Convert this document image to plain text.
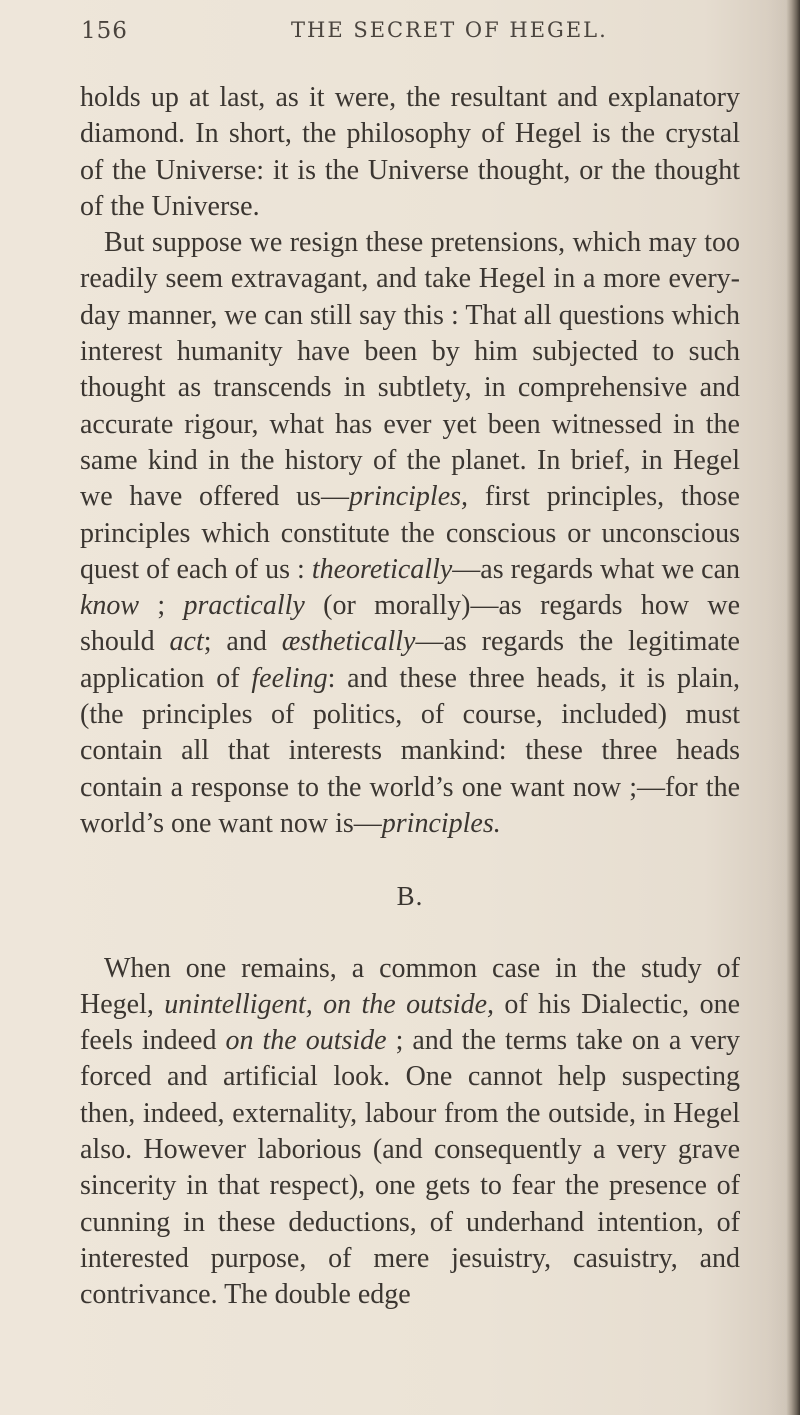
156	THE SECRET OF HEGEL.

holds up at last, as it were, the resultant and explanatory diamond. In short, the philosophy of Hegel is the crystal of the Universe: it is the Universe thought, or the thought of the Universe.

But suppose we resign these pretensions, which may too readily seem extravagant, and take Hegel in a more every-day manner, we can still say this : That all questions which interest humanity have been by him subjected to such thought as transcends in subtlety, in comprehensive and accurate rigour, what has ever yet been witnessed in the same kind in the history of the planet. In brief, in Hegel we have offered us—principles, first principles, those principles which constitute the conscious or unconscious quest of each of us : theoretically—as regards what we can know ; practically (or morally)—as regards how we should act; and æsthetically—as regards the legitimate application of feeling: and these three heads, it is plain, (the principles of politics, of course, included) must contain all that interests mankind: these three heads contain a response to the world’s one want now ;—for the world’s one want now is—principles.

B.

When one remains, a common case in the study of Hegel, unintelligent, on the outside, of his Dialectic, one feels indeed on the outside ; and the terms take on a very forced and artificial look. One cannot help suspecting then, indeed, externality, labour from the outside, in Hegel also. However laborious (and consequently a very grave sincerity in that respect), one gets to fear the presence of cunning in these deductions, of underhand intention, of interested purpose, of mere jesuistry, casuistry, and contrivance. The double edge
